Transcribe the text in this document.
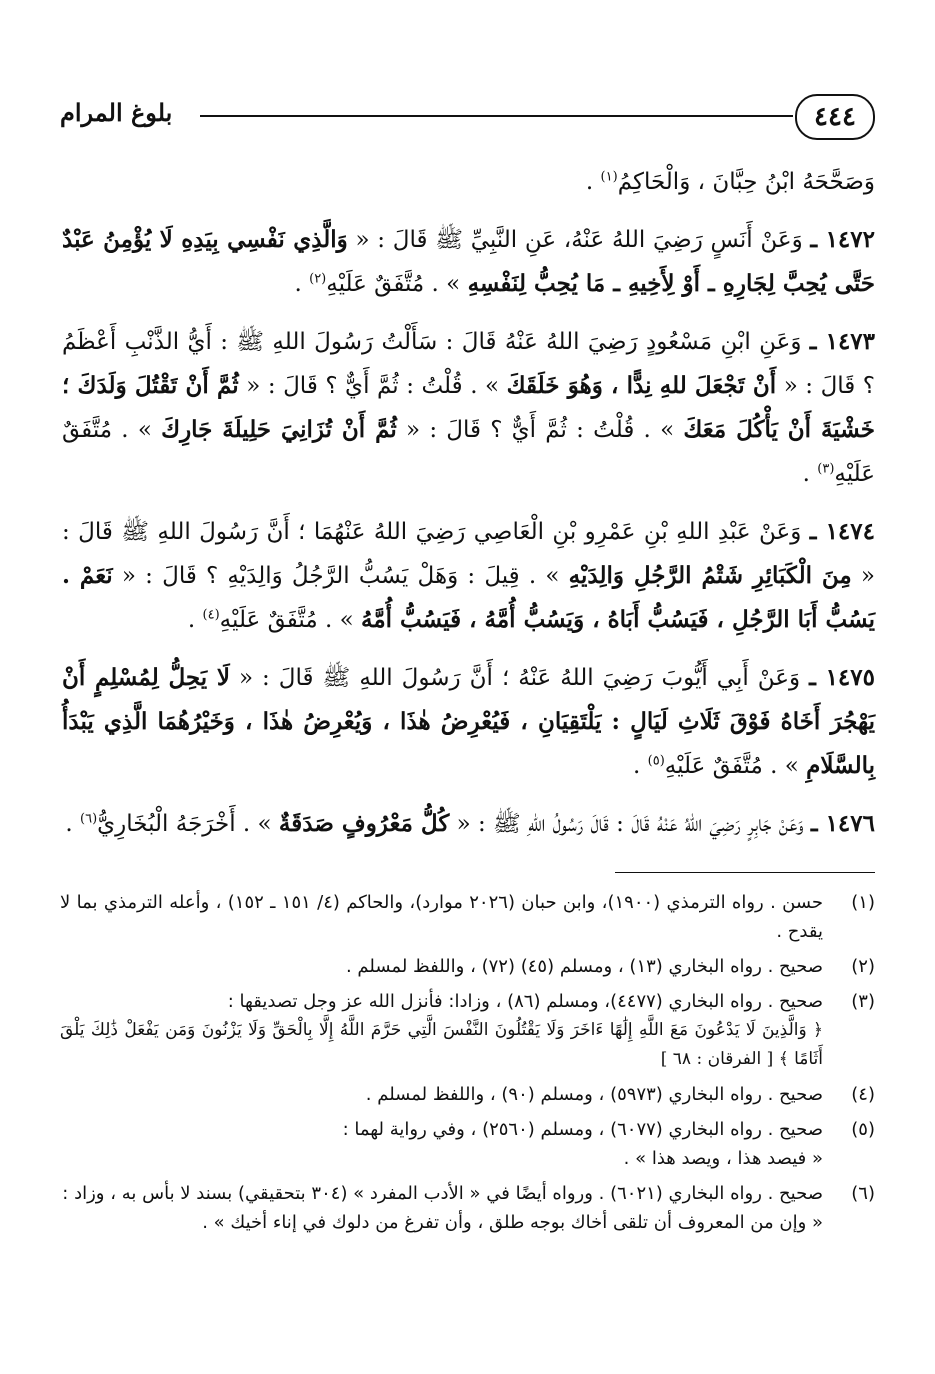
٤٤٤
بلوغ المرام

وَصَحَّحَهُ ابْنُ حِبَّانَ ، وَالْحَاكِمُ$^{(١)}$ .

١٤٧٢ ـ وَعَنْ أَنَسٍ رَضِيَ اللهُ عَنْهُ، عَنِ النَّبِيِّ ﷺ قَالَ : « وَالَّذِي نَفْسِي بِيَدِهِ لَا يُؤْمِنُ عَبْدٌ حَتَّى يُحِبَّ لِجَارِهِ ـ أَوْ لِأَخِيهِ ـ مَا يُحِبُّ لِنَفْسِهِ » . مُتَّفَقٌ عَلَيْهِ$^{(٢)}$ .

١٤٧٣ ـ وَعَنِ ابْنِ مَسْعُودٍ رَضِيَ اللهُ عَنْهُ قَالَ : سَأَلْتُ رَسُولَ اللهِ ﷺ : أَيُّ الذَّنْبِ أَعْظَمُ ؟ قَالَ : « أَنْ تَجْعَلَ للهِ نِدًّا ، وَهُوَ خَلَقَكَ » . قُلْتُ : ثُمَّ أَيٌّ ؟ قَالَ : « ثُمَّ أَنْ تَقْتُلَ وَلَدَكَ ؛ خَشْيَةَ أَنْ يَأْكُلَ مَعَكَ » . قُلْتُ : ثُمَّ أَيٌّ ؟ قَالَ : « ثُمَّ أَنْ تُزَانِيَ حَلِيلَةَ جَارِكَ » . مُتَّفَقٌ عَلَيْهِ$^{(٣)}$ .

١٤٧٤ ـ وَعَنْ عَبْدِ اللهِ بْنِ عَمْرِو بْنِ الْعَاصِي رَضِيَ اللهُ عَنْهُمَا ؛ أَنَّ رَسُولَ اللهِ ﷺ قَالَ : « مِنَ الْكَبَائِرِ شَتْمُ الرَّجُلِ وَالِدَيْهِ » . قِيلَ : وَهَلْ يَسُبُّ الرَّجُلُ وَالِدَيْهِ ؟ قَالَ : « نَعَمْ . يَسُبُّ أَبَا الرَّجُلِ ، فَيَسُبُّ أَبَاهُ ، وَيَسُبُّ أُمَّهُ ، فَيَسُبُّ أُمَّهُ » . مُتَّفَقٌ عَلَيْهِ$^{(٤)}$ .

١٤٧٥ ـ وَعَنْ أَبِي أَيُّوبَ رَضِيَ اللهُ عَنْهُ ؛ أَنَّ رَسُولَ اللهِ ﷺ قَالَ : « لَا يَحِلُّ لِمُسْلِمٍ أَنْ يَهْجُرَ أَخَاهُ فَوْقَ ثَلَاثِ لَيَالٍ : يَلْتَقِيَانِ ، فَيُعْرِضُ هٰذَا ، وَيُعْرِضُ هٰذَا ، وَخَيْرُهُمَا الَّذِي يَبْدَأُ بِالسَّلَامِ » . مُتَّفَقٌ عَلَيْهِ$^{(٥)}$ .

١٤٧٦ ـ وَعَنْ جَابِرٍ رَضِيَ اللهُ عَنْهُ قَالَ : قَالَ رَسُولُ اللهِ ﷺ : « كُلُّ مَعْرُوفٍ صَدَقَةٌ » . أَخْرَجَهُ الْبُخَارِيُّ$^{(٦)}$ .

(١)
حسن . رواه الترمذي (١٩٠٠)، وابن حبان (٢٠٢٦ موارد)، والحاكم (٤/ ١٥١ ـ ١٥٢) ، وأعله الترمذي بما لا يقدح .
(٢)
صحيح . رواه البخاري (١٣) ، ومسلم (٤٥) (٧٢) ، واللفظ لمسلم .
(٣)
صحيح . رواه البخاري (٤٤٧٧)، ومسلم (٨٦) ، وزادا: فأنزل الله عز وجل تصديقها :
﴿ وَالَّذِينَ لَا يَدْعُونَ مَعَ اللَّهِ إِلَٰهًا ءَاخَرَ وَلَا يَقْتُلُونَ النَّفْسَ الَّتِي حَرَّمَ اللَّهُ إِلَّا بِالْحَقِّ وَلَا يَزْنُونَ وَمَن يَفْعَلْ ذَٰلِكَ يَلْقَ أَثَامًا ﴾ [ الفرقان : ٦٨ ]
(٤)
صحيح . رواه البخاري (٥٩٧٣) ، ومسلم (٩٠) ، واللفظ لمسلم .
(٥)
صحيح . رواه البخاري (٦٠٧٧) ، ومسلم (٢٥٦٠) ، وفي رواية لهما :
« فيصد هذا ، ويصد هذا » .
(٦)
صحيح . رواه البخاري (٦٠٢١) . ورواه أيضًا في « الأدب المفرد » (٣٠٤ بتحقيقي) بسند لا بأس به ، وزاد :
« وإن من المعروف أن تلقى أخاك بوجه طلق ، وأن تفرغ من دلوك في إناء أخيك » .
